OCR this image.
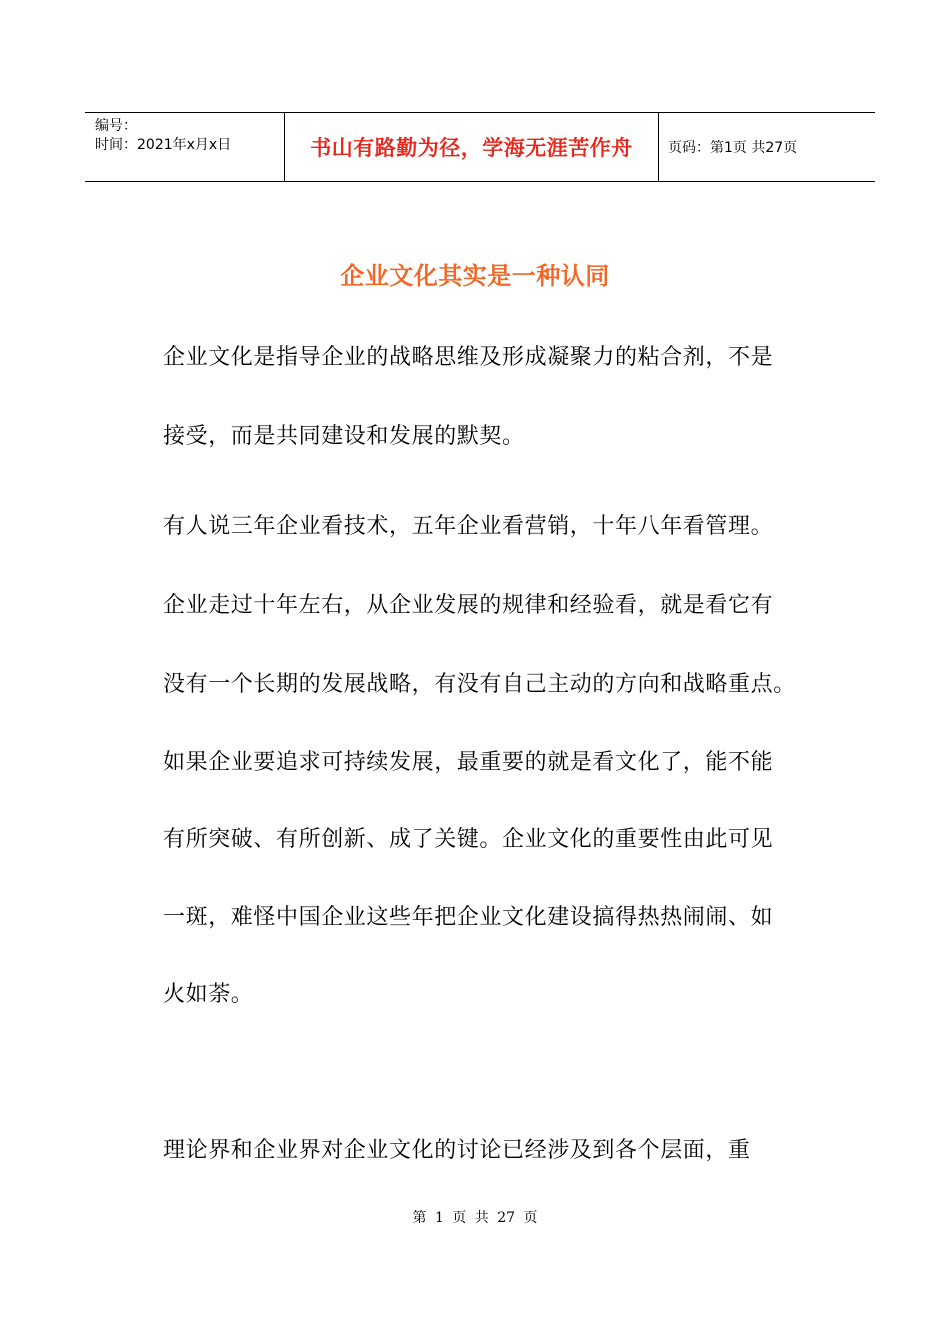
编号：
时间：2021年x月x日	书山有路勤为径，学海无涯苦作舟	页码：第1页 共27页
企业文化其实是一种认同
企业文化是指导企业的战略思维及形成凝聚力的粘合剂，不是
接受，而是共同建设和发展的默契。
有人说三年企业看技术，五年企业看营销，十年八年看管理。
企业走过十年左右，从企业发展的规律和经验看，就是看它有
没有一个长期的发展战略，有没有自己主动的方向和战略重点。
如果企业要追求可持续发展，最重要的就是看文化了，能不能
有所突破、有所创新、成了关键。企业文化的重要性由此可见
一斑，难怪中国企业这些年把企业文化建设搞得热热闹闹、如
火如荼。
理论界和企业界对企业文化的讨论已经涉及到各个层面，重
第 1 页 共 27 页
